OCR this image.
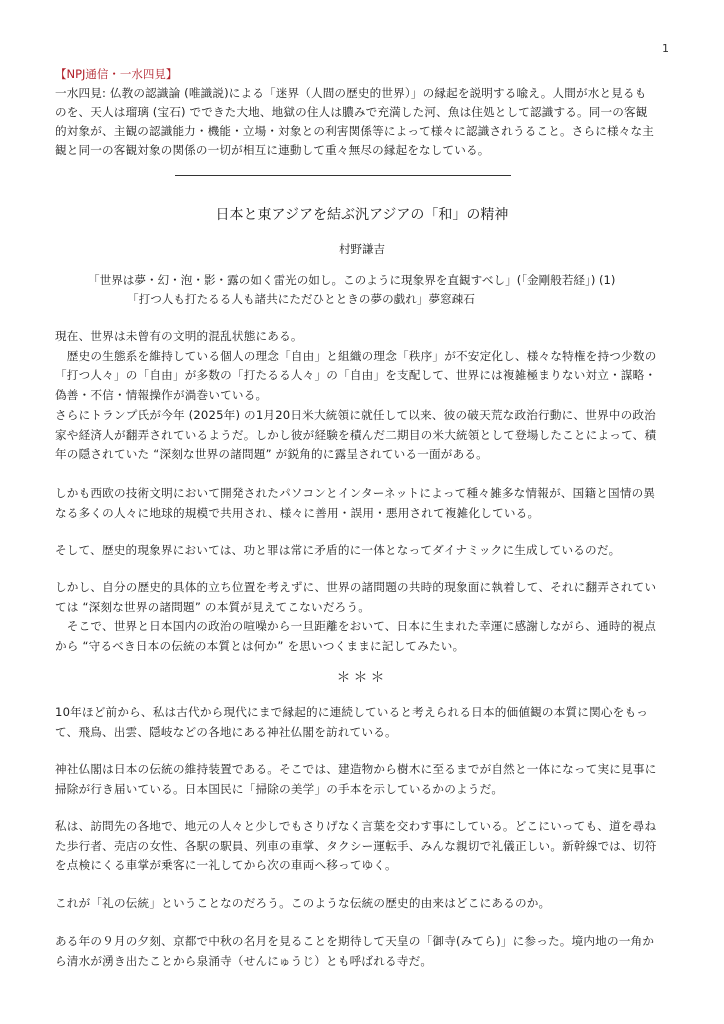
1
【NPJ通信・一水四見】

一水四見: 仏教の認識論 (唯識説)による「迷界（人間の歴史的世界）」の縁起を説明する喩え。人間が水と見るも

のを、天人は瑠璃 (宝石) でできた大地、地獄の住人は膿みで充満した河、魚は住処として認識する。同一の客観

的対象が、主観の認識能力・機能・立場・対象との利害関係等によって様々に認識されうること。さらに様々な主

観と同一の客観対象の関係の一切が相互に連動して重々無尽の縁起をなしている。

日本と東アジアを結ぶ汎アジアの「和」の精神
村野謙吉
「世界は夢・幻・泡・影・露の如く雷光の如し。このように現象界を直観すべし」(「金剛般若経」) (1)
「打つ人も打たるる人も諸共にただひとときの夢の戯れ」夢窓疎石

現在、世界は未曾有の文明的混乱状態にある。

　歴史の生態系を維持している個人の理念「自由」と組織の理念「秩序」が不安定化し、様々な特権を持つ少数の

「打つ人々」の「自由」が多数の「打たるる人々」の「自由」を支配して、世界には複雑極まりない対立・謀略・

偽善・不信・情報操作が渦巻いている。

さらにトランプ氏が今年 (2025年) の1月20日米大統領に就任して以来、彼の破天荒な政治行動に、世界中の政治

家や経済人が翻弄されているようだ。しかし彼が経験を積んだ二期目の米大統領として登場したことによって、積

年の隠されていた “深刻な世界の諸問題” が鋭角的に露呈されている一面がある。

しかも西欧の技術文明において開発されたパソコンとインターネットによって種々雑多な情報が、国籍と国情の異

なる多くの人々に地球的規模で共用され、様々に善用・誤用・悪用されて複雑化している。

そして、歴史的現象界においては、功と罪は常に矛盾的に一体となってダイナミックに生成しているのだ。

しかし、自分の歴史的具体的立ち位置を考えずに、世界の諸問題の共時的現象面に執着して、それに翻弄されてい

ては “深刻な世界の諸問題” の本質が見えてこないだろう。

　そこで、世界と日本国内の政治の喧噪から一旦距離をおいて、日本に生まれた幸運に感謝しながら、通時的視点

から “守るべき日本の伝統の本質とは何か” を思いつくままに記してみたい。

＊＊＊

10年ほど前から、私は古代から現代にまで縁起的に連続していると考えられる日本的価値観の本質に関心をもっ

て、飛鳥、出雲、隠岐などの各地にある神社仏閣を訪れている。

神社仏閣は日本の伝統の維持装置である。そこでは、建造物から樹木に至るまでが自然と一体になって実に見事に

掃除が行き届いている。日本国民に「掃除の美学」の手本を示しているかのようだ。

私は、訪問先の各地で、地元の人々と少しでもさりげなく言葉を交わす事にしている。どこにいっても、道を尋ね

た歩行者、売店の女性、各駅の駅員、列車の車掌、タクシー運転手、みんな親切で礼儀正しい。新幹線では、切符

を点検にくる車掌が乗客に一礼してから次の車両へ移ってゆく。

これが「礼の伝統」ということなのだろう。このような伝統の歴史的由来はどこにあるのか。

ある年の９月の夕刻、京都で中秋の名月を見ることを期待して天皇の「御寺(みてら)」に参った。境内地の一角か

ら清水が湧き出たことから泉涌寺（せんにゅうじ）とも呼ばれる寺だ。
